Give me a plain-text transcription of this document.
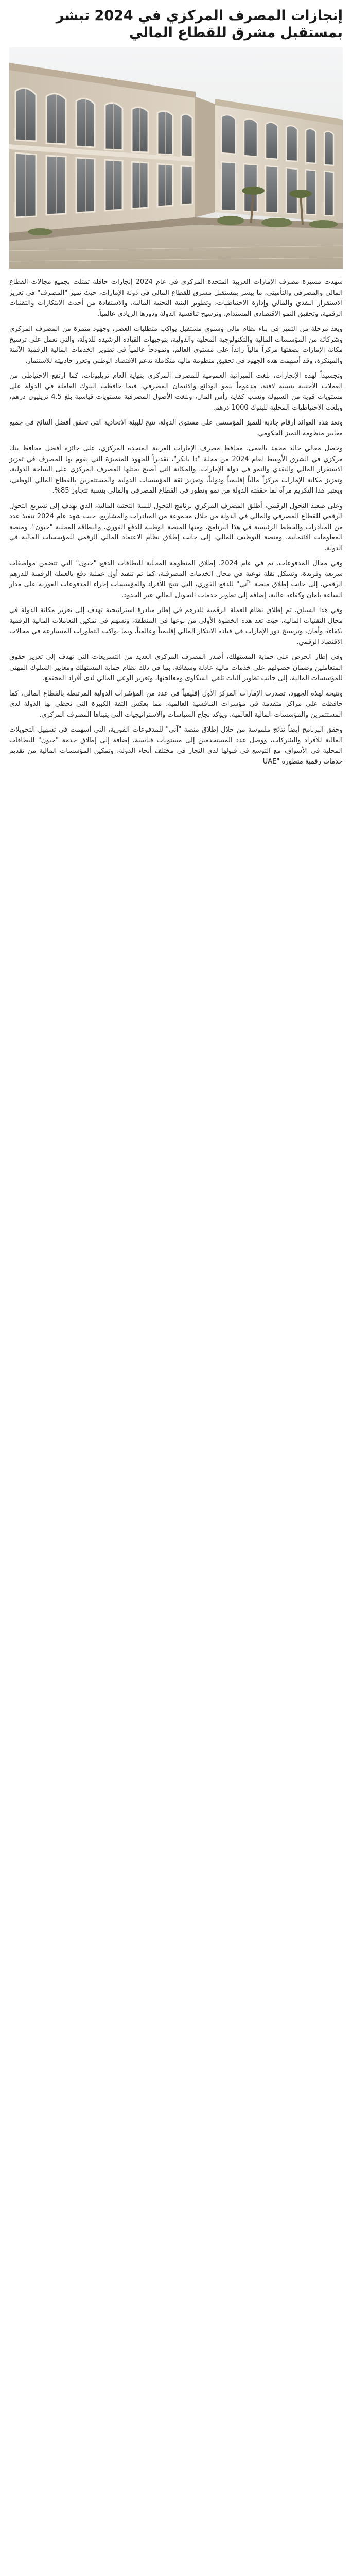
إنجازات المصرف المركزي في 2024 تبشر بمستقبل مشرق للقطاع المالي

شهدت مسيرة مصرف الإمارات العربية المتحدة المركزي في عام 2024 إنجازات حافلة تمثلت بجميع مجالات القطاع المالي والمصرفي والتأميني، ما يبشر بمستقبل مشرق للقطاع المالي في دولة الإمارات، حيث تميز "المصرف" في تعزيز الاستقرار النقدي والمالي وإدارة الاحتياطيات، وتطوير البنية التحتية المالية، والاستفادة من أحدث الابتكارات والتقنيات الرقمية، وتحقيق النمو الاقتصادي المستدام، وترسيخ تنافسية الدولة ودورها الريادي عالمياً.

ويعد مرحلة من التميز في بناء نظام مالي وسنوي مستقبل يواكب متطلبات العصر، وجهود مثمرة من المصرف المركزي وشركائه من المؤسسات المالية والتكنولوجية المحلية والدولية، بتوجيهات القيادة الرشيدة للدولة، والتي تعمل على ترسيخ مكانة الإمارات بصفتها مركزاً مالياً رائداً على مستوى العالم، ونموذجاً عالمياً في تطوير الخدمات المالية الرقمية الآمنة والمبتكرة، وقد أسهمت هذه الجهود في تحقيق منظومة مالية متكاملة تدعم الاقتصاد الوطني وتعزز جاذبيته للاستثمار.

وتجسيداً لهذه الإنجازات، بلغت الميزانية العمومية للمصرف المركزي بنهاية العام تريليونات، كما ارتفع الاحتياطي من العملات الأجنبية بنسبة لافتة، مدعوماً بنمو الودائع والائتمان المصرفي، فيما حافظت البنوك العاملة في الدولة على مستويات قوية من السيولة ونسب كفاية رأس المال، وبلغت الأصول المصرفية مستويات قياسية بلغ 4.5 تريليون درهم، وبلغت الاحتياطيات المحلية للبنوك 1000 درهم.

وتعد هذه العوائد أرقام جاذبة للتميز المؤسسي على مستوى الدولة، تتيح للبيئة الاتحادية التي تحقق أفضل النتائج في جميع معايير منظومة التميز الحكومي.

وحصل معالي خالد محمد بالعمى، محافظ مصرف الإمارات العربية المتحدة المركزي، على جائزة أفضل محافظ بنك مركزي في الشرق الأوسط لعام 2024 من مجلة "ذا بانكر"، تقديراً للجهود المتميزة التي يقوم بها المصرف في تعزيز الاستقرار المالي والنقدي والنمو في دولة الإمارات، والمكانة التي أصبح يحتلها المصرف المركزي على الساحة الدولية، وتعزيز مكانة الإمارات مركزاً مالياً إقليمياً ودولياً، وتعزيز ثقة المؤسسات الدولية والمستثمرين بالقطاع المالي الوطني، ويعتبر هذا التكريم مرآة لما حققته الدولة من نمو وتطور في القطاع المصرفي والمالي بنسبة تتجاوز 85%.

وعلى صعيد التحول الرقمي، أطلق المصرف المركزي برنامج التحول للبنية التحتية المالية، الذي يهدف إلى تسريع التحول الرقمي للقطاع المصرفي والمالي في الدولة من خلال مجموعة من المبادرات والمشاريع، حيث شهد عام 2024 تنفيذ عدد من المبادرات والخطط الرئيسية في هذا البرنامج، ومنها المنصة الوطنية للدفع الفوري، والبطاقة المحلية "جيون"، ومنصة المعلومات الائتمانية، ومنصة التوظيف المالي، إلى جانب إطلاق نظام الاعتماد المالي الرقمي للمؤسسات المالية في الدولة.

وفي مجال المدفوعات، تم في عام 2024، إطلاق المنظومة المحلية للبطاقات الدفع "جيون" التي تتضمن مواصفات سريعة وفريدة، وتشكل نقلة نوعية في مجال الخدمات المصرفية، كما تم تنفيذ أول عملية دفع بالعملة الرقمية للدرهم الرقمي، إلى جانب إطلاق منصة "آني" للدفع الفوري، التي تتيح للأفراد والمؤسسات إجراء المدفوعات الفورية على مدار الساعة بأمان وكفاءة عالية، إضافة إلى تطوير خدمات التحويل المالي عبر الحدود.

وفي هذا السياق، تم إطلاق نظام العملة الرقمية للدرهم في إطار مبادرة استراتيجية تهدف إلى تعزيز مكانة الدولة في مجال التقنيات المالية، حيث تعد هذه الخطوة الأولى من نوعها في المنطقة، وتسهم في تمكين التعاملات المالية الرقمية بكفاءة وأمان، وترسيخ دور الإمارات في قيادة الابتكار المالي إقليمياً وعالمياً، وبما يواكب التطورات المتسارعة في مجالات الاقتصاد الرقمي.

وفي إطار الحرص على حماية المستهلك، أصدر المصرف المركزي العديد من التشريعات التي تهدف إلى تعزيز حقوق المتعاملين وضمان حصولهم على خدمات مالية عادلة وشفافة، بما في ذلك نظام حماية المستهلك ومعايير السلوك المهني للمؤسسات المالية، إلى جانب تطوير آليات تلقي الشكاوى ومعالجتها، وتعزيز الوعي المالي لدى أفراد المجتمع.

ونتيجة لهذه الجهود، تصدرت الإمارات المركز الأول إقليمياً في عدد من المؤشرات الدولية المرتبطة بالقطاع المالي، كما حافظت على مراكز متقدمة في مؤشرات التنافسية العالمية، مما يعكس الثقة الكبيرة التي تحظى بها الدولة لدى المستثمرين والمؤسسات المالية العالمية، ويؤكد نجاح السياسات والاستراتيجيات التي يتبناها المصرف المركزي.

وحقق البرنامج أيضاً نتائج ملموسة من خلال إطلاق منصة "آني" للمدفوعات الفورية، التي أسهمت في تسهيل التحويلات المالية للأفراد والشركات، ووصل عدد المستخدمين إلى مستويات قياسية، إضافة إلى إطلاق خدمة "جيون" للبطاقات المحلية في الأسواق، مع التوسع في قبولها لدى التجار في مختلف أنحاء الدولة، وتمكين المؤسسات المالية من تقديم خدمات رقمية متطورة "UAE
